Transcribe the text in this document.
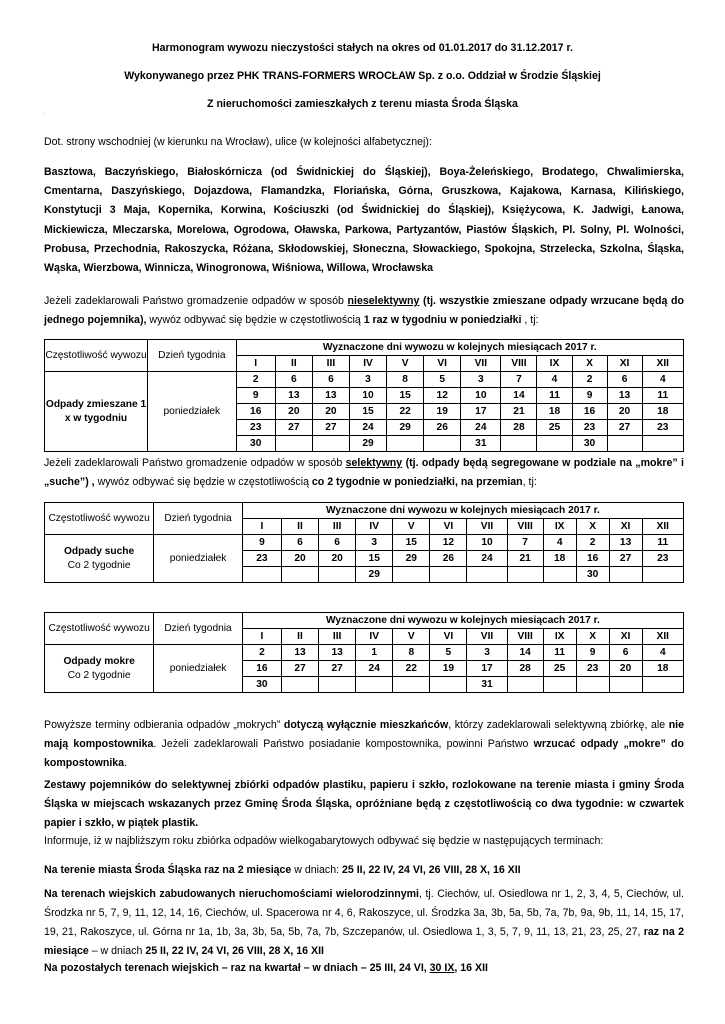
Harmonogram wywozu nieczystości stałych na okres od 01.01.2017 do 31.12.2017 r.
Wykonywanego przez PHK TRANS-FORMERS WROCŁAW Sp. z o.o. Oddział w Środzie Śląskiej
Z nieruchomości zamieszkałych z terenu miasta Środa Śląska
.
Dot. strony wschodniej (w kierunku na Wrocław), ulice (w kolejności alfabetycznej):
Basztowa, Baczyńskiego, Białoskórnicza (od Świdnickiej do Śląskiej), Boya-Żeleńskiego, Brodatego, Chwalimierska, Cmentarna, Daszyńskiego, Dojazdowa, Flamandzka, Floriańska, Górna, Gruszkowa, Kajakowa, Karnasa, Kilińskiego, Konstytucji 3 Maja, Kopernika, Korwina, Kościuszki (od Świdnickiej do Śląskiej), Księżycowa, K. Jadwigi, Łanowa, Mickiewicza, Mleczarska, Morelowa, Ogrodowa, Oławska, Parkowa, Partyzantów, Piastów Śląskich, Pl. Solny, Pl. Wolności, Probusa, Przechodnia, Rakoszycka, Różana, Skłodowskiej, Słoneczna, Słowackiego, Spokojna, Strzelecka, Szkolna, Śląska, Wąska, Wierzbowa, Winnicza, Winogronowa, Wiśniowa, Willowa, Wrocławska
Jeżeli zadeklarowali Państwo gromadzenie odpadów w sposób nieselektywny (tj. wszystkie zmieszane odpady wrzucane będą do jednego pojemnika), wywóz odbywać się będzie w częstotliwością 1 raz w tygodniu w poniedziałki , tj:
Częstotliwość wywozu	Dzień tygodnia	Wyznaczone dni wywozu w kolejnych miesiącach 2017 r.											
		I	II	III	IV	V	VI	VII	VIII	IX	X	XI	XII
Odpady zmieszane 1 x w tygodniu	poniedziałek	2	6	6	3	8	5	3	7	4	2	6	4
		9	13	13	10	15	12	10	14	11	9	13	11
		16	20	20	15	22	19	17	21	18	16	20	18
		23	27	27	24	29	26	24	28	25	23	27	23
		30			29			31			30		
Jeżeli zadeklarowali Państwo gromadzenie odpadów w sposób selektywny (tj. odpady będą segregowane w podziale na „mokre” i „suche”) , wywóz odbywać się będzie w częstotliwością co 2 tygodnie w poniedziałki, na przemian, tj:
Częstotliwość wywozu	Dzień tygodnia	Wyznaczone dni wywozu w kolejnych miesiącach 2017 r.											
		I	II	III	IV	V	VI	VII	VIII	IX	X	XI	XII
Odpady suche
Co 2 tygodnie	poniedziałek	9	6	6	3	15	12	10	7	4	2	13	11
		23	20	20	15	29	26	24	21	18	16	27	23
					29						30		
Częstotliwość wywozu	Dzień tygodnia	Wyznaczone dni wywozu w kolejnych miesiącach 2017 r.											
		I	II	III	IV	V	VI	VII	VIII	IX	X	XI	XII
Odpady mokre
Co 2 tygodnie	poniedziałek	2	13	13	1	8	5	3	14	11	9	6	4
		16	27	27	24	22	19	17	28	25	23	20	18
		30						31					
Powyższe terminy odbierania odpadów „mokrych” dotyczą wyłącznie mieszkańców, którzy zadeklarowali selektywną zbiórkę, ale nie mają kompostownika. Jeżeli zadeklarowali Państwo posiadanie kompostownika, powinni Państwo wrzucać odpady „mokre” do kompostownika.
Zestawy pojemników do selektywnej zbiórki odpadów plastiku, papieru i szkło, rozlokowane na terenie miasta i gminy Środa Śląska w miejscach wskazanych przez Gminę Środa Śląska, opróżniane będą z częstotliwością co dwa tygodnie: w czwartek papier i szkło, w piątek plastik.
Informuje, iż w najbliższym roku zbiórka odpadów wielkogabarytowych odbywać się będzie w następujących terminach:
Na terenie miasta Środa Śląska raz na 2 miesiące w dniach: 25 II, 22 IV, 24 VI, 26 VIII, 28 X, 16 XII
Na terenach wiejskich zabudowanych nieruchomościami wielorodzinnymi, tj. Ciechów, ul. Osiedlowa nr 1, 2, 3, 4, 5, Ciechów, ul. Środzka nr 5, 7, 9, 11, 12, 14, 16, Ciechów, ul. Spacerowa nr 4, 6, Rakoszyce, ul. Środzka 3a, 3b, 5a, 5b, 7a, 7b, 9a, 9b, 11, 14, 15, 17, 19, 21, Rakoszyce, ul. Górna nr 1a, 1b, 3a, 3b, 5a, 5b, 7a, 7b, Szczepanów, ul. Osiedlowa 1, 3, 5, 7, 9, 11, 13, 21, 23, 25, 27, raz na 2 miesiące – w dniach 25 II, 22 IV, 24 VI, 26 VIII, 28 X, 16 XII
Na pozostałych terenach wiejskich – raz na kwartał – w dniach – 25 III, 24 VI, 30 IX, 16 XII
